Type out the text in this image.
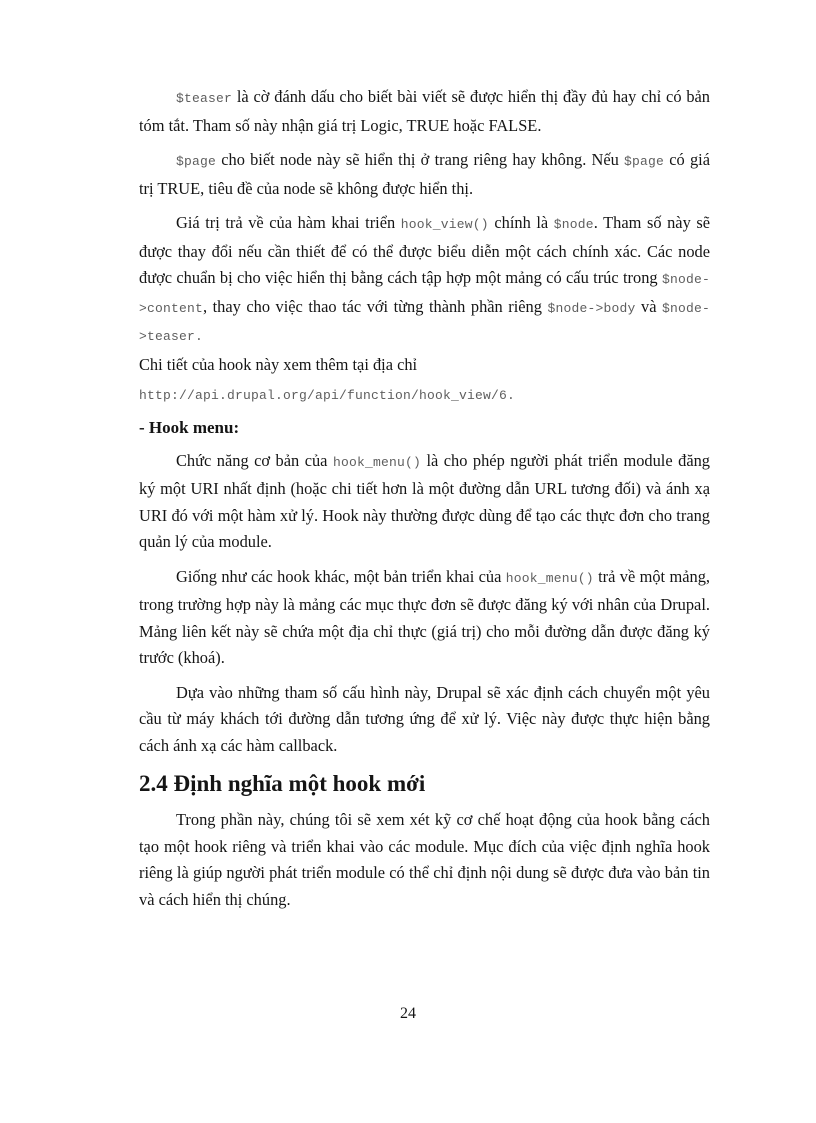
$teaser là cờ đánh dấu cho biết bài viết sẽ được hiển thị đầy đủ hay chỉ có bản tóm tắt. Tham số này nhận giá trị Logic, TRUE hoặc FALSE.

$page cho biết node này sẽ hiển thị ở trang riêng hay không. Nếu $page có giá trị TRUE, tiêu đề của node sẽ không được hiển thị.

Giá trị trả về của hàm khai triển hook_view() chính là $node. Tham số này sẽ được thay đổi nếu cần thiết để có thể được biểu diễn một cách chính xác. Các node được chuẩn bị cho việc hiển thị bằng cách tập hợp một mảng có cấu trúc trong $node->content, thay cho việc thao tác với từng thành phần riêng $node->body và $node->teaser.

Chi tiết của hook này xem thêm tại địa chỉ

http://api.drupal.org/api/function/hook_view/6.

- Hook menu:

Chức năng cơ bản của hook_menu() là cho phép người phát triển module đăng ký một URI nhất định (hoặc chi tiết hơn là một đường dẫn URL tương đối) và ánh xạ URI đó với một hàm xử lý. Hook này thường được dùng để tạo các thực đơn cho trang quản lý của module.

Giống như các hook khác, một bản triển khai của hook_menu() trả về một mảng, trong trường hợp này là mảng các mục thực đơn sẽ được đăng ký với nhân của Drupal. Mảng liên kết này sẽ chứa một địa chỉ thực (giá trị) cho mỗi đường dẫn được đăng ký trước (khoá).

Dựa vào những tham số cấu hình này, Drupal sẽ xác định cách chuyển một yêu cầu từ máy khách tới đường dẫn tương ứng để xử lý. Việc này được thực hiện bằng cách ánh xạ các hàm callback.

2.4 Định nghĩa một hook mới

Trong phần này, chúng tôi sẽ xem xét kỹ cơ chế hoạt động của hook bằng cách tạo một hook riêng và triển khai vào các module. Mục đích của việc định nghĩa hook riêng là giúp người phát triển module có thể chỉ định nội dung sẽ được đưa vào bản tin và cách hiển thị chúng.

24
